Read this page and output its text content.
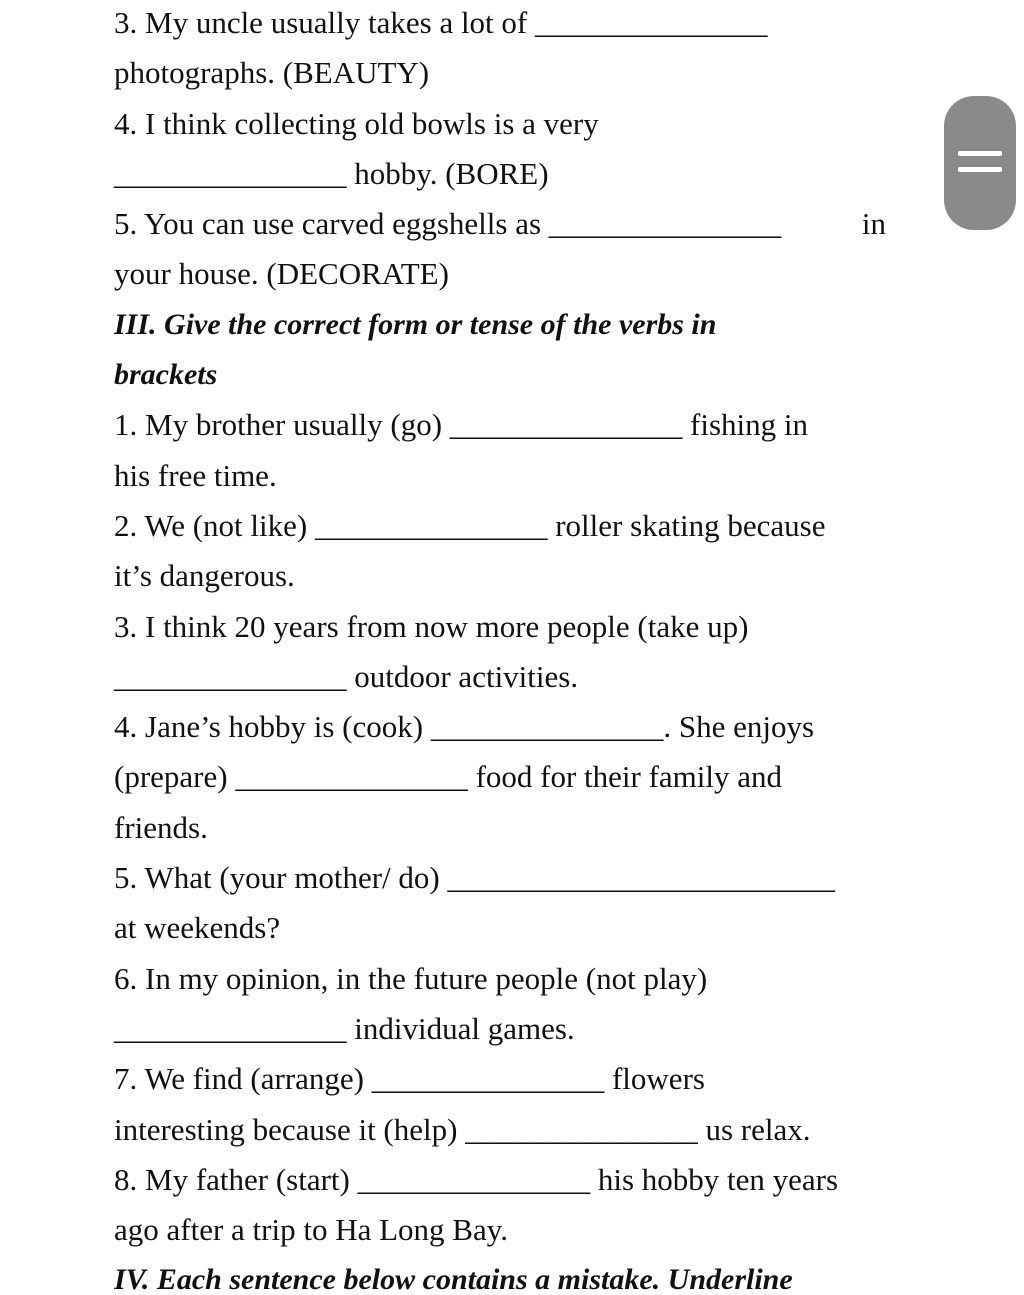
3. My uncle usually takes a lot of _______________
photographs. (BEAUTY)
4. I think collecting old bowls is a very
_______________ hobby. (BORE)
5. You can use carved eggshells as _______________	in
your house. (DECORATE)
III. Give the correct form or tense of the verbs in
brackets
1. My brother usually (go) _______________ fishing in
his free time.
2. We (not like) _______________ roller skating because
it’s dangerous.
3. I think 20 years from now more people (take up)
_______________ outdoor activities.
4. Jane’s hobby is (cook) _______________. She enjoys
(prepare) _______________ food for their family and
friends.
5. What (your mother/ do) _________________________
at weekends?
6. In my opinion, in the future people (not play)
_______________ individual games.
7. We find (arrange) _______________ flowers
interesting because it (help) _______________ us relax.
8. My father (start) _______________ his hobby ten years
ago after a trip to Ha Long Bay.
IV. Each sentence below contains a mistake. Underline
